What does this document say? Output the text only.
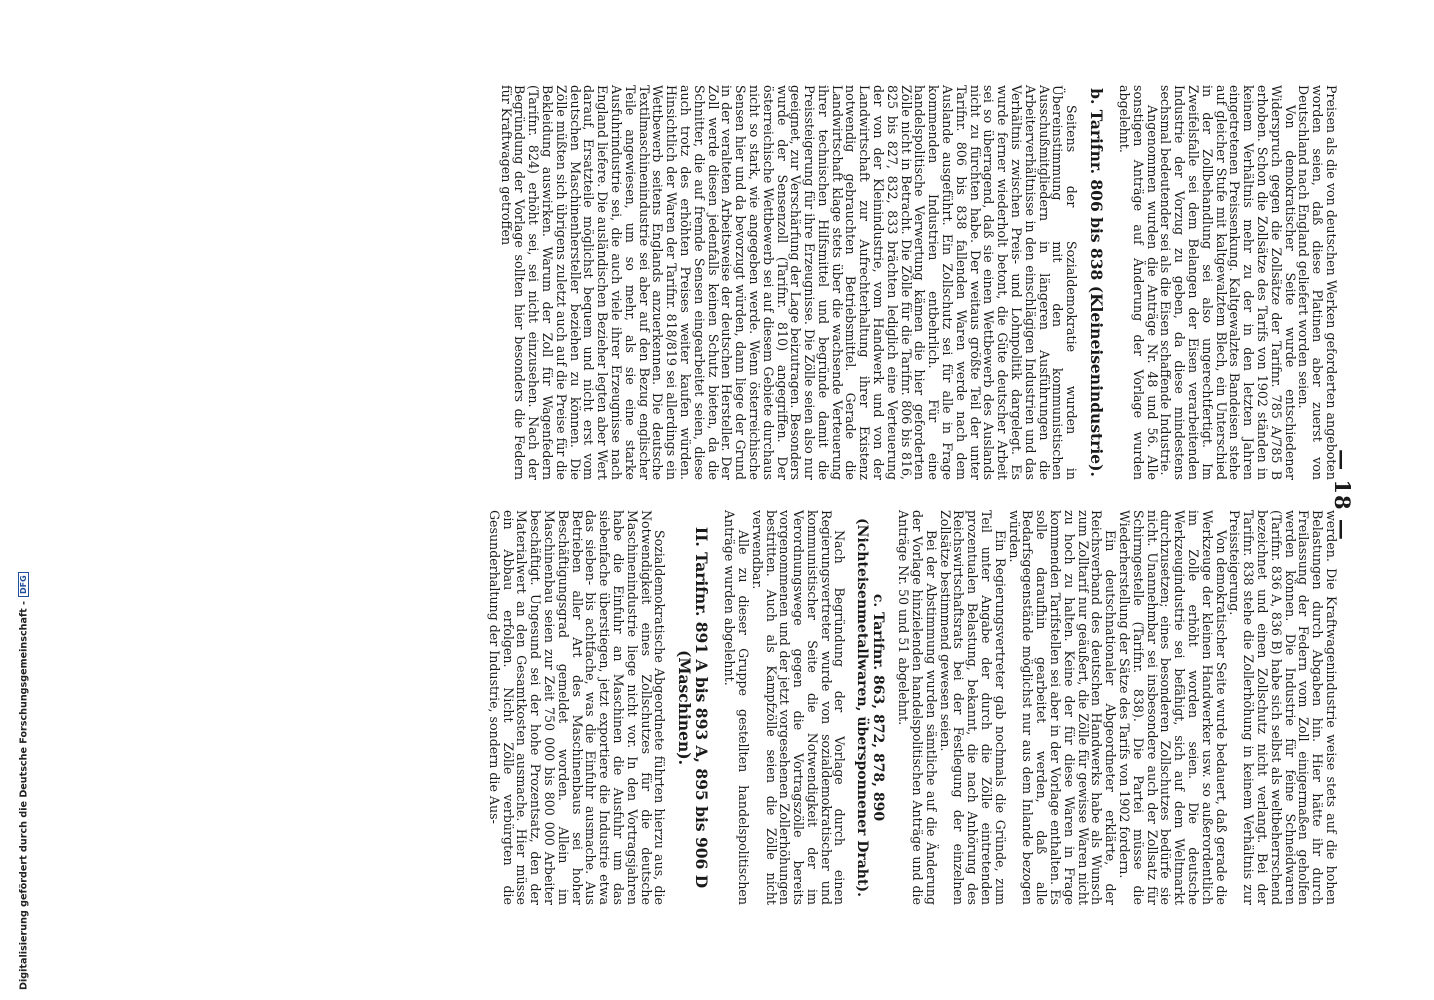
— 18 —

Preisen als die von deutschen Werken geforderten angeboten worden seien, daß diese Platinen aber zuerst von Deutschland nach England geliefert worden seien.

Von demokratischer Seite wurde entschiedener Widerspruch gegen die Zollsätze der Tarifnr. 785 A/785 B erhoben. Schon die Zollsätze des Tarifs von 1902 ständen in keinem Verhältnis mehr zu der in den letzten Jahren eingetretenen Preissenkung. Kaltgewalztes Bandeisen stehe auf gleicher Stufe mit kaltgewalztem Blech, ein Unterschied in der Zollbehandlung sei also ungerechtfertigt. Im Zweifelsfalle sei dem Belangen der Eisen verarbeitenden Industrie der Vorzug zu geben, da diese mindestens sechsmal bedeutender sei als die Eisen schaffende Industrie.

Angenommen wurden die Anträge Nr. 48 und 56. Alle sonstigen Anträge auf Änderung der Vorlage wurden abgelehnt.

b. Tarifnr. 806 bis 838 (Kleineisenindustrie).

Seitens der Sozialdemokratie wurden in Übereinstimmung mit den kommunistischen Ausschußmitgliedern in längeren Ausführungen die Arbeiterverhältnisse in den einschlägigen Industrien und das Verhältnis zwischen Preis- und Lohnpolitik dargelegt. Es wurde ferner wiederholt betont, die Güte deutscher Arbeit sei so überragend, daß sie einen Wettbewerb des Auslands nicht zu fürchten habe. Der weitaus größte Teil der unter Tarifnr. 806 bis 838 fallenden Waren werde nach dem Auslande ausgeführt. Ein Zollschutz sei für alle in Frage kommenden Industrien entbehrlich. Für eine handelspolitische Verwertung kämen die hier geforderten Zölle nicht in Betracht. Die Zölle für die Tarifnr. 806 bis 816, 825 bis 827, 832, 833 brächten lediglich eine Verteuerung der von der Kleinindustrie, vom Handwerk und von der Landwirtschaft zur Aufrechterhaltung ihrer Existenz notwendig gebrauchten Betriebsmittel. Gerade die Landwirtschaft klage stets über die wachsende Verteuerung ihrer technischen Hilfsmittel und begründe damit die Preissteigerung für ihre Erzeugnisse. Die Zölle seien also nur geeignet, zur Verschärfung der Lage beizutragen. Besonders wurde der Sensenzoll (Tarifnr. 810) angegriffen. Der österreichische Wettbewerb sei auf diesem Gebiete durchaus nicht so stark, wie angegeben werde. Wenn österreichische Sensen hier und da bevorzugt würden, dann liege der Grund in der veralteten Arbeitsweise der deutschen Hersteller. Der Zoll werde diesen jedenfalls keinen Schutz bieten, da die Schnitter, die auf fremde Sensen eingearbeitet seien, diese auch trotz des erhöhten Preises weiter kaufen würden. Hinsichtlich der Waren der Tarifnr. 818/819 sei allerdings ein Wettbewerb seitens Englands anzuerkennen. Die deutsche Textilmaschinenindustrie sei aber auf den Bezug englischer Teile angewiesen, um so mehr, als sie eine starke Ausfuhrindustrie sei, die auch viele ihrer Erzeugnisse nach England liefere. Die ausländischen Bezieher legten aber Wert darauf, Ersatzteile möglichst bequem und nicht erst vom deutschen Maschinenhersteller beziehen zu können. Die Zölle müßten sich übrigens zuletzt auch auf die Preise für die Bekleidung auswirken. Warum der Zoll für Wagenfedern (Tarifnr. 824) erhöht sei, sei nicht einzusehen. Nach der Begründung der Vorlage sollten hier besonders die Federn für Kraftwagen getroffen

werden. Die Kraftwagenindustrie weise stets auf die hohen Belastungen durch Abgaben hin. Hier hätte ihr durch Freilassung der Federn vom Zoll einigermaßen geholfen werden können. Die Industrie für feine Schneidwaren (Tarifnr. 836 A, 836 B) habe sich selbst als weltbeherrschend bezeichnet und einen Zollschutz nicht verlangt. Bei der Tarifnr. 838 stehe die Zollerhöhung in keinem Verhältnis zur Preissteigerung.

Von demokratischer Seite wurde bedauert, daß gerade die Werkzeuge der kleinen Handwerker usw. so außerordentlich im Zolle erhöht worden seien. Die deutsche Werkzeugindustrie sei befähigt, sich auf dem Weltmarkt durchzusetzen; eines besonderen Zollschutzes bedürfe sie nicht. Unannehmbar sei insbesondere auch der Zollsatz für Schirmgestelle (Tarifnr. 838). Die Partei müsse die Wiederherstellung der Sätze des Tarifs von 1902 fordern.

Ein deutschnationaler Abgeordneter erklärte, der Reichsverband des deutschen Handwerks habe als Wunsch zum Zolltarif nur geäußert, die Zölle für gewisse Waren nicht zu hoch zu halten. Keine der für diese Waren in Frage kommenden Tarifstellen sei aber in der Vorlage enthalten. Es solle daraufhin gearbeitet werden, daß alle Bedarfsgegenstände möglichst nur aus dem Inlande bezogen würden.

Ein Regierungsvertreter gab nochmals die Gründe, zum Teil unter Angabe der durch die Zölle eintretenden prozentualen Belastung, bekannt, die nach Anhörung des Reichswirtschaftsrats bei der Festlegung der einzelnen Zollsätze bestimmend gewesen seien.

Bei der Abstimmung wurden sämtliche auf die Änderung der Vorlage hinzielenden handelspolitischen Anträge und die Anträge Nr. 50 und 51 abgelehnt.

c. Tarifnr. 863, 872, 878, 890 (Nichteisenmetallwaren, übersponnener Draht).

Nach Begründung der Vorlage durch einen Regierungsvertreter wurde von sozialdemokratischer und kommunistischer Seite die Notwendigkeit der im Verordnungswege gegen die Vortragszölle bereits vorgenommenen und der jetzt vorgesehenen Zollerhöhungen bestritten. Auch als Kampfzölle seien die Zölle nicht verwendbar.

Alle zu dieser Gruppe gestellten handelspolitischen Anträge wurden abgelehnt.

II. Tarifnr. 891 A bis 893 A, 895 bis 906 D (Maschinen).

Sozialdemokratische Abgeordnete führten hierzu aus, die Notwendigkeit eines Zollschutzes für die deutsche Maschinenindustrie liege nicht vor. In den Vortragsjahren habe die Einfuhr an Maschinen die Ausfuhr um das siebenfache überstiegen, jetzt exportiere die Industrie etwa das sieben- bis achtfache, was die Einfuhr ausmache. Aus Betrieben aller Art des Maschinenbaus sei hoher Beschäftigungsgrad gemeldet worden. Allein im Maschinenbau seien zur Zeit 750 000 bis 800 000 Arbeiter beschäftigt. Ungesund sei der hohe Prozentsatz, den der Materialwert an den Gesamtkosten ausmache. Hier müsse ein Abbau erfolgen. Nicht Zölle verbürgten die Gesunderhaltung der Industrie, sondern die Aus-

Digitalisierung gefördert durch die Deutsche Forschungsgemeinschaft -DFG
